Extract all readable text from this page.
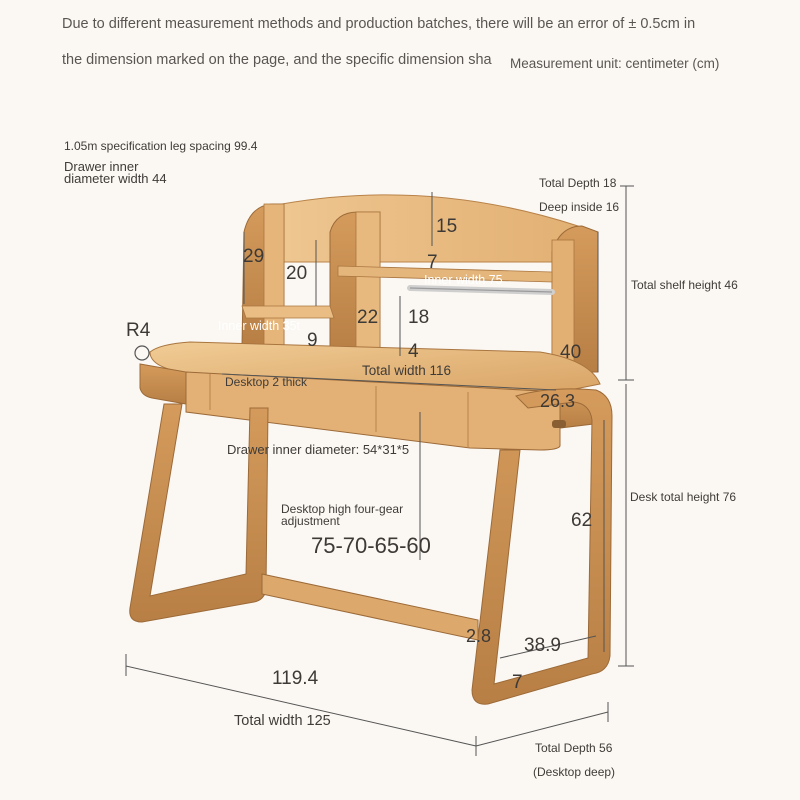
Due to different measurement methods and production batches, there will be an error of ± 0.5cm in
the dimension marked on the page, and the specific dimension sha Measurement unit: centimeter (cm)
1.05m specification leg spacing 99.4
Drawer inner
diameter width 44	Total Depth 18
Deep inside 16
Total shelf height 46
Desk total height 76
15
29
20
7
Inner width 75
Inner width 35t	22 18
9
4	40
R4
Desktop 2 thick
Total width 116
26.3
Drawer inner diameter: 54*31*5
Desktop high four-gear
adjustment
75-70-65-60
62
2.8 38.9
7
119.4
Total width 125
Total Depth 56
(Desktop deep)
